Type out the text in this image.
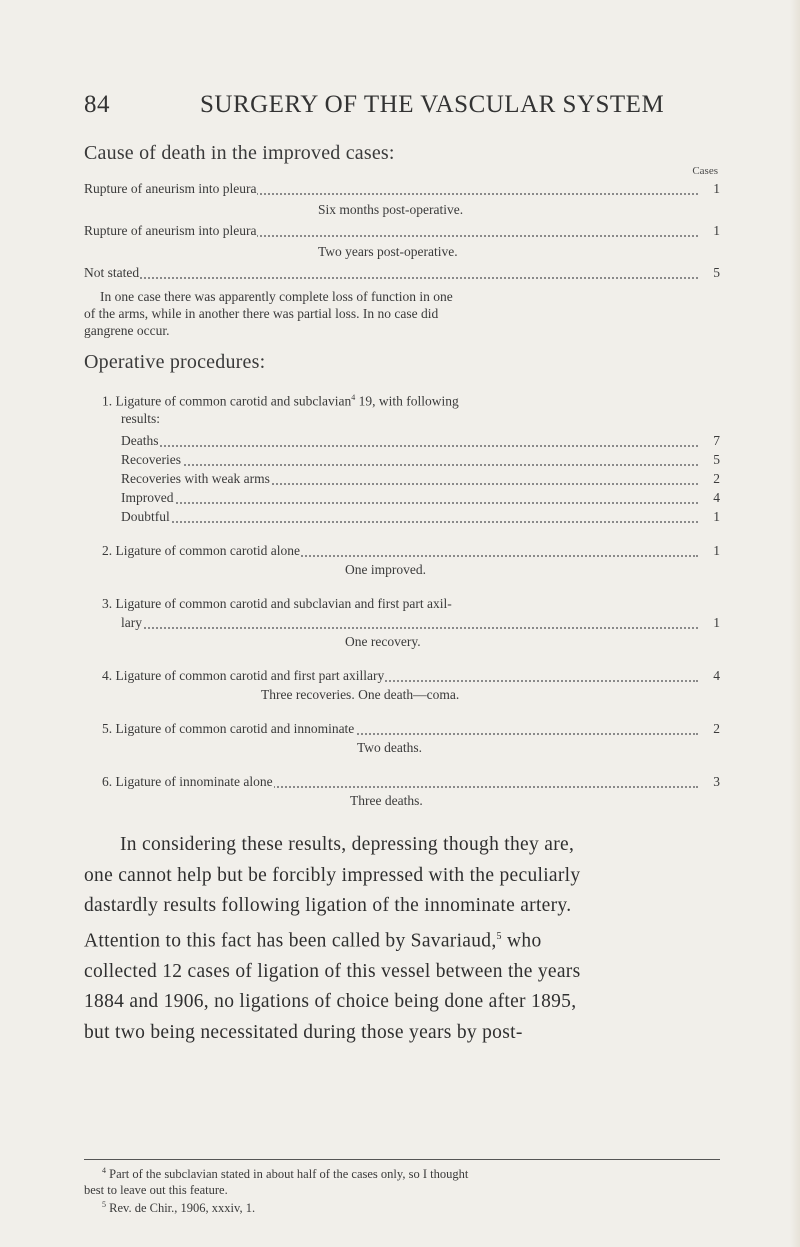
84	SURGERY OF THE VASCULAR SYSTEM
Cause of death in the improved cases:
Cases
Rupture of aneurism into pleura	1
Six months post-operative.
Rupture of aneurism into pleura	1
Two years post-operative.
Not stated	5
In one case there was apparently complete loss of function in one
of the arms, while in another there was partial loss. In no case did
gangrene occur.
Operative procedures:
1. Ligature of common carotid and subclavian$^4$ 19, with following
results:
Deaths	7
Recoveries	5
Recoveries with weak arms	2
Improved	4
Doubtful	1
2. Ligature of common carotid alone	1
One improved.
3. Ligature of common carotid and subclavian and first part axil-
lary	1
One recovery.
4. Ligature of common carotid and first part axillary	4
Three recoveries. One death—coma.
5. Ligature of common carotid and innominate	2
Two deaths.
6. Ligature of innominate alone	3
Three deaths.
In considering these results, depressing though they are,
one cannot help but be forcibly impressed with the peculiarly
dastardly results following ligation of the innominate artery.
Attention to this fact has been called by Savariaud,$^5$ who
collected 12 cases of ligation of this vessel between the years
1884 and 1906, no ligations of choice being done after 1895,
but two being necessitated during those years by post-
$^4$ Part of the subclavian stated in about half of the cases only, so I thought
best to leave out this feature.
$^5$ Rev. de Chir., 1906, xxxiv, 1.
